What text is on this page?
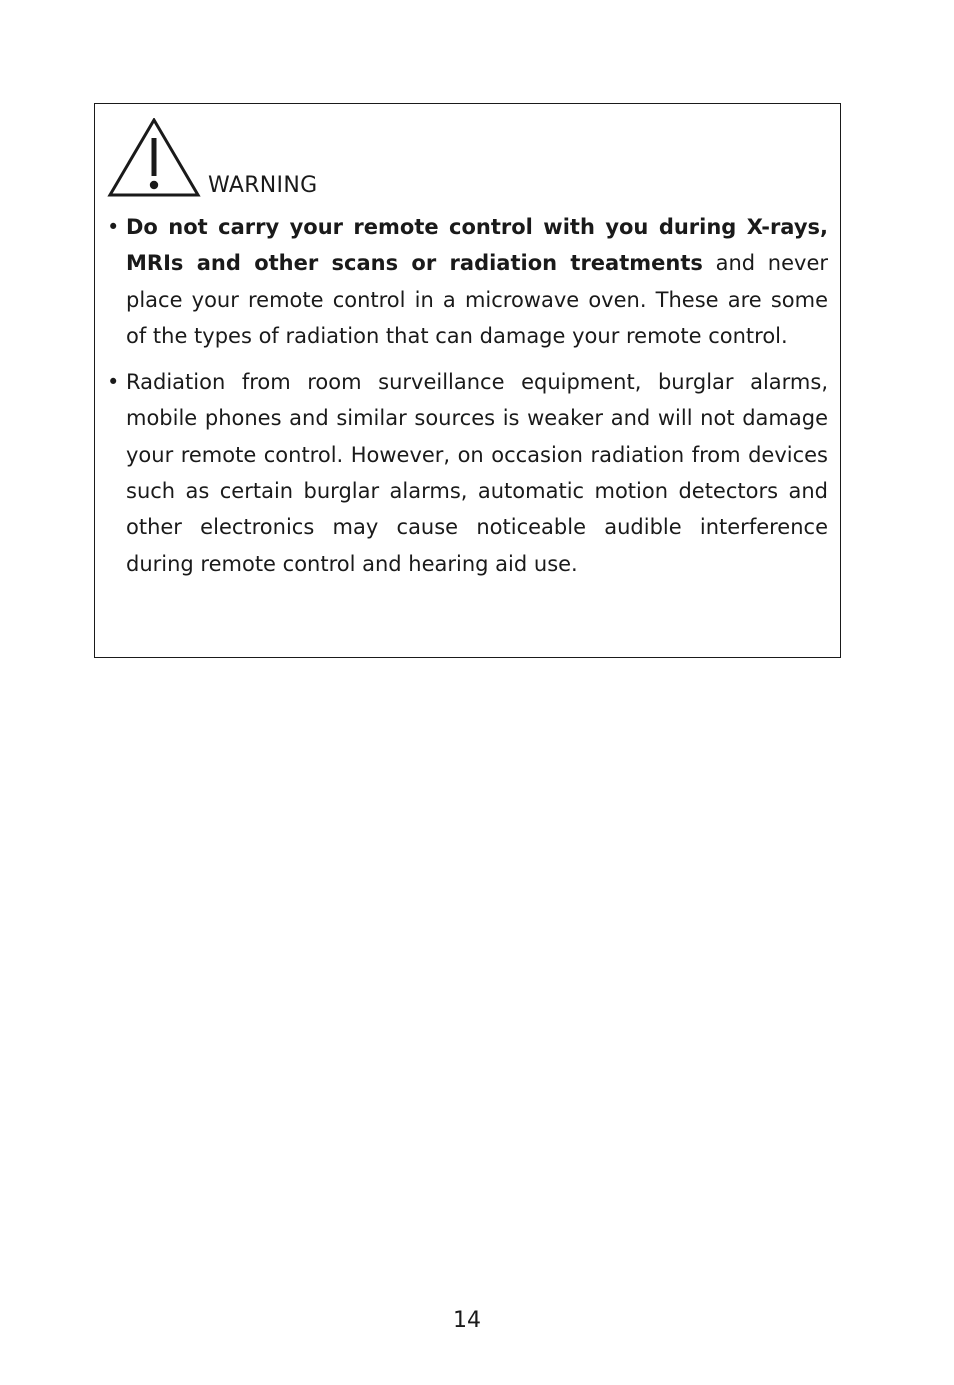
WARNING
• Do not carry your remote control with you during X-rays, MRIs and other scans or radiation treatments and never place your remote control in a microwave oven. These are some of the types of radiation that can damage your remote control.
• Radiation from room surveillance equipment, burglar alarms, mobile phones and similar sources is weaker and will not damage your remote control. However, on occasion radiation from devices such as certain burglar alarms, automatic motion detectors and other electronics may cause noticeable audible interference during remote control and hearing aid use.
14
